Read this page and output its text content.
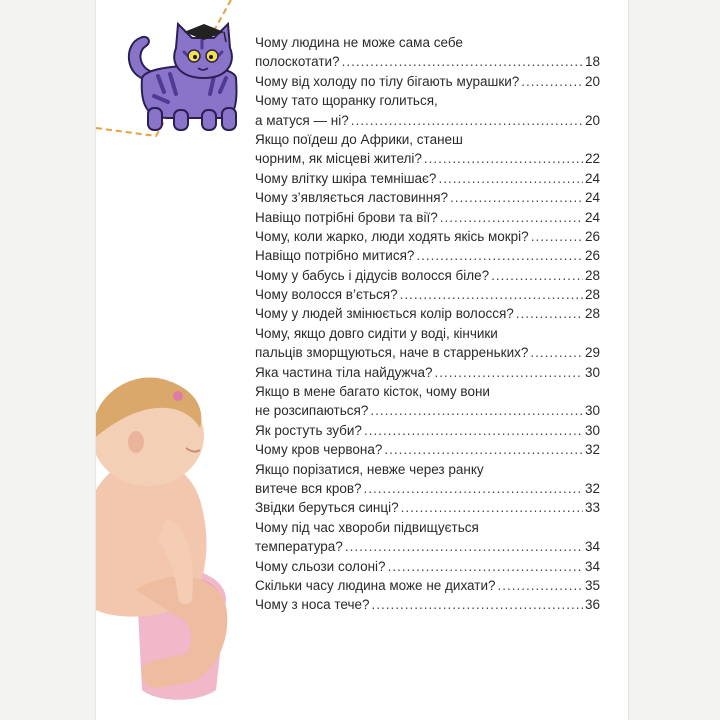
Чому людина не може сама себе
полоскотати? .....	18
Чому від холоду по тілу бігають мурашки? .....	20
Чому тато щоранку голиться,
а матуся — ні? .....	20
Якщо поїдеш до Африки, станеш
чорним, як місцеві жителі? .....	22
Чому влітку шкіра темнішає? .....	24
Чому з’являється ластовиння? .....	24
Навіщо потрібні брови та вії? .....	24
Чому, коли жарко, люди ходять якісь мокрі? .....	26
Навіщо потрібно митися? .....	26
Чому у бабусь і дідусів волосся біле? .....	28
Чому волосся в’ється? .....	28
Чому у людей змінюється колір волосся? .....	28
Чому, якщо довго сидіти у воді, кінчики
пальців зморщуються, наче в старреньких? .....	29
Яка частина тіла найдужча? .....	30
Якщо в мене багато кісток, чому вони
не розсипаються? .....	30
Як ростуть зуби? .....	30
Чому кров червона? .....	32
Якщо порізатися, невже через ранку
витече вся кров? .....	32
Звідки беруться синці? .....	33
Чому під час хвороби підвищується
температура? .....	34
Чому сльози солоні? .....	34
Скільки часу людина може не дихати? .....	35
Чому з носа тече? .....	36
